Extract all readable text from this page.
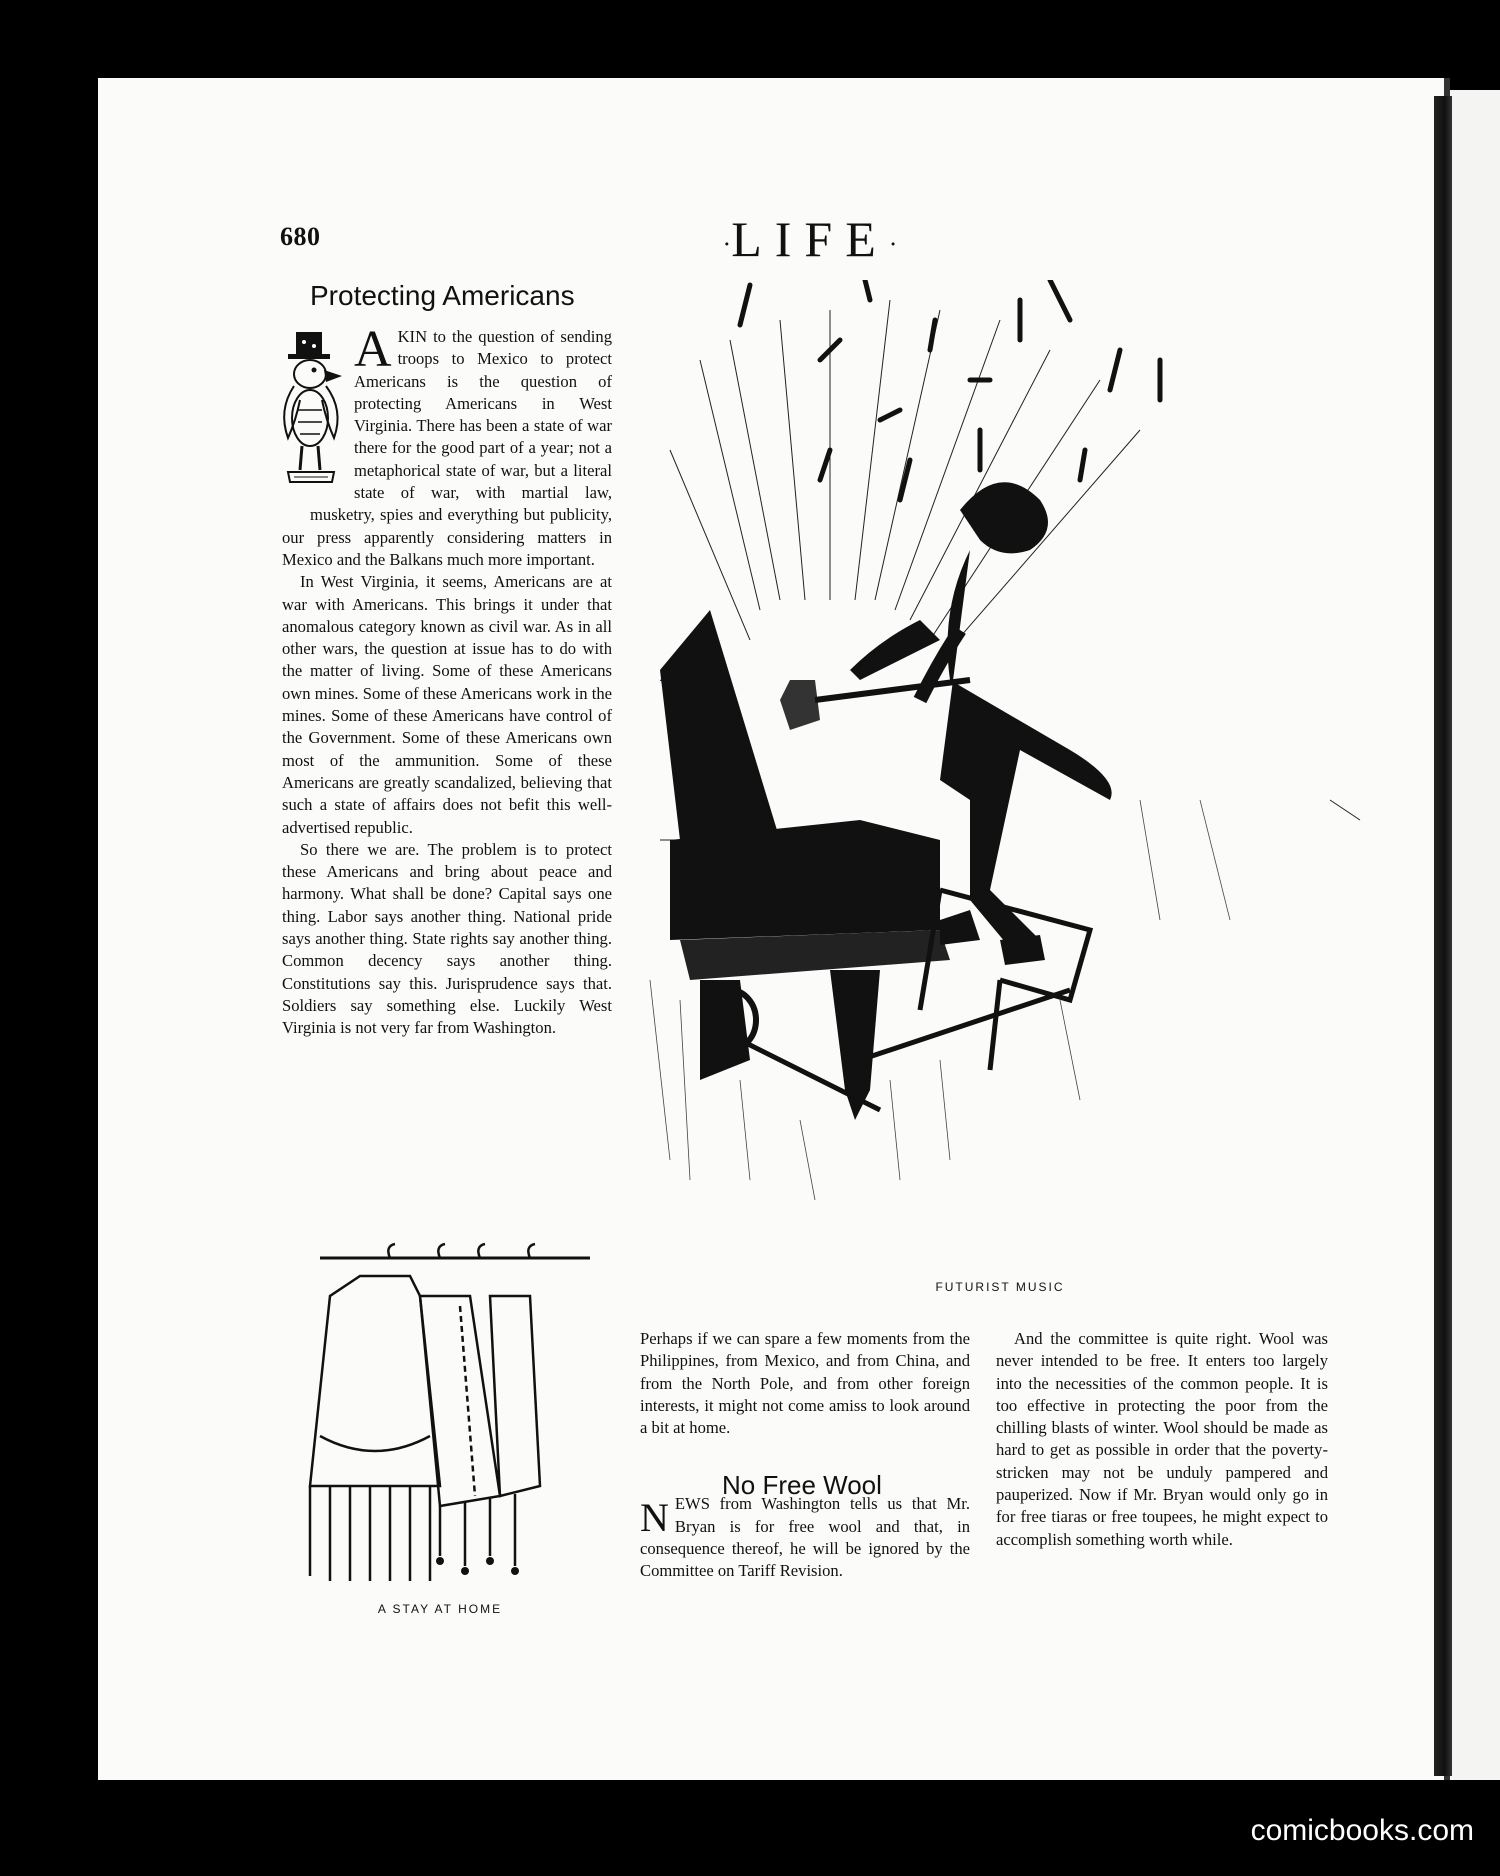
680	·LIFE·
Protecting Americans
A KIN to the question of sending troops to Mexico to protect Americans is the question of protecting Americans in West Virginia. There has been a state of war there for the good part of a year; not a metaphorical state of war, but a literal state of war, with martial law, musketry, spies and everything but publicity, our press apparently considering matters in Mexico and the Balkans much more important.

In West Virginia, it seems, Americans are at war with Americans. This brings it under that anomalous category known as civil war. As in all other wars, the question at issue has to do with the matter of living. Some of these Americans own mines. Some of these Americans work in the mines. Some of these Americans have control of the Government. Some of these Americans own most of the ammunition. Some of these Americans are greatly scandalized, believing that such a state of affairs does not befit this well-advertised republic.

So there we are. The problem is to protect these Americans and bring about peace and harmony. What shall be done? Capital says one thing. Labor says another thing. National pride says another thing. State rights say another thing. Common decency says another thing. Constitutions say this. Jurisprudence says that. Soldiers say something else. Luckily West Virginia is not very far from Washington.

FUTURIST MUSIC
A STAY AT HOME

Perhaps if we can spare a few moments from the Philippines, from Mexico, and from China, and from the North Pole, and from other foreign interests, it might not come amiss to look around a bit at home.

N EWS from Washington tells us that Mr. Bryan is for free wool and that, in consequence thereof, he will be ignored by the Committee on Tariff Revision.

No Free Wool

And the committee is quite right. Wool was never intended to be free. It enters too largely into the necessities of the common people. It is too effective in protecting the poor from the chilling blasts of winter. Wool should be made as hard to get as possible in order that the poverty-stricken may not be unduly pampered and pauperized. Now if Mr. Bryan would only go in for free tiaras or free toupees, he might expect to accomplish something worth while.

comicbooks.com
